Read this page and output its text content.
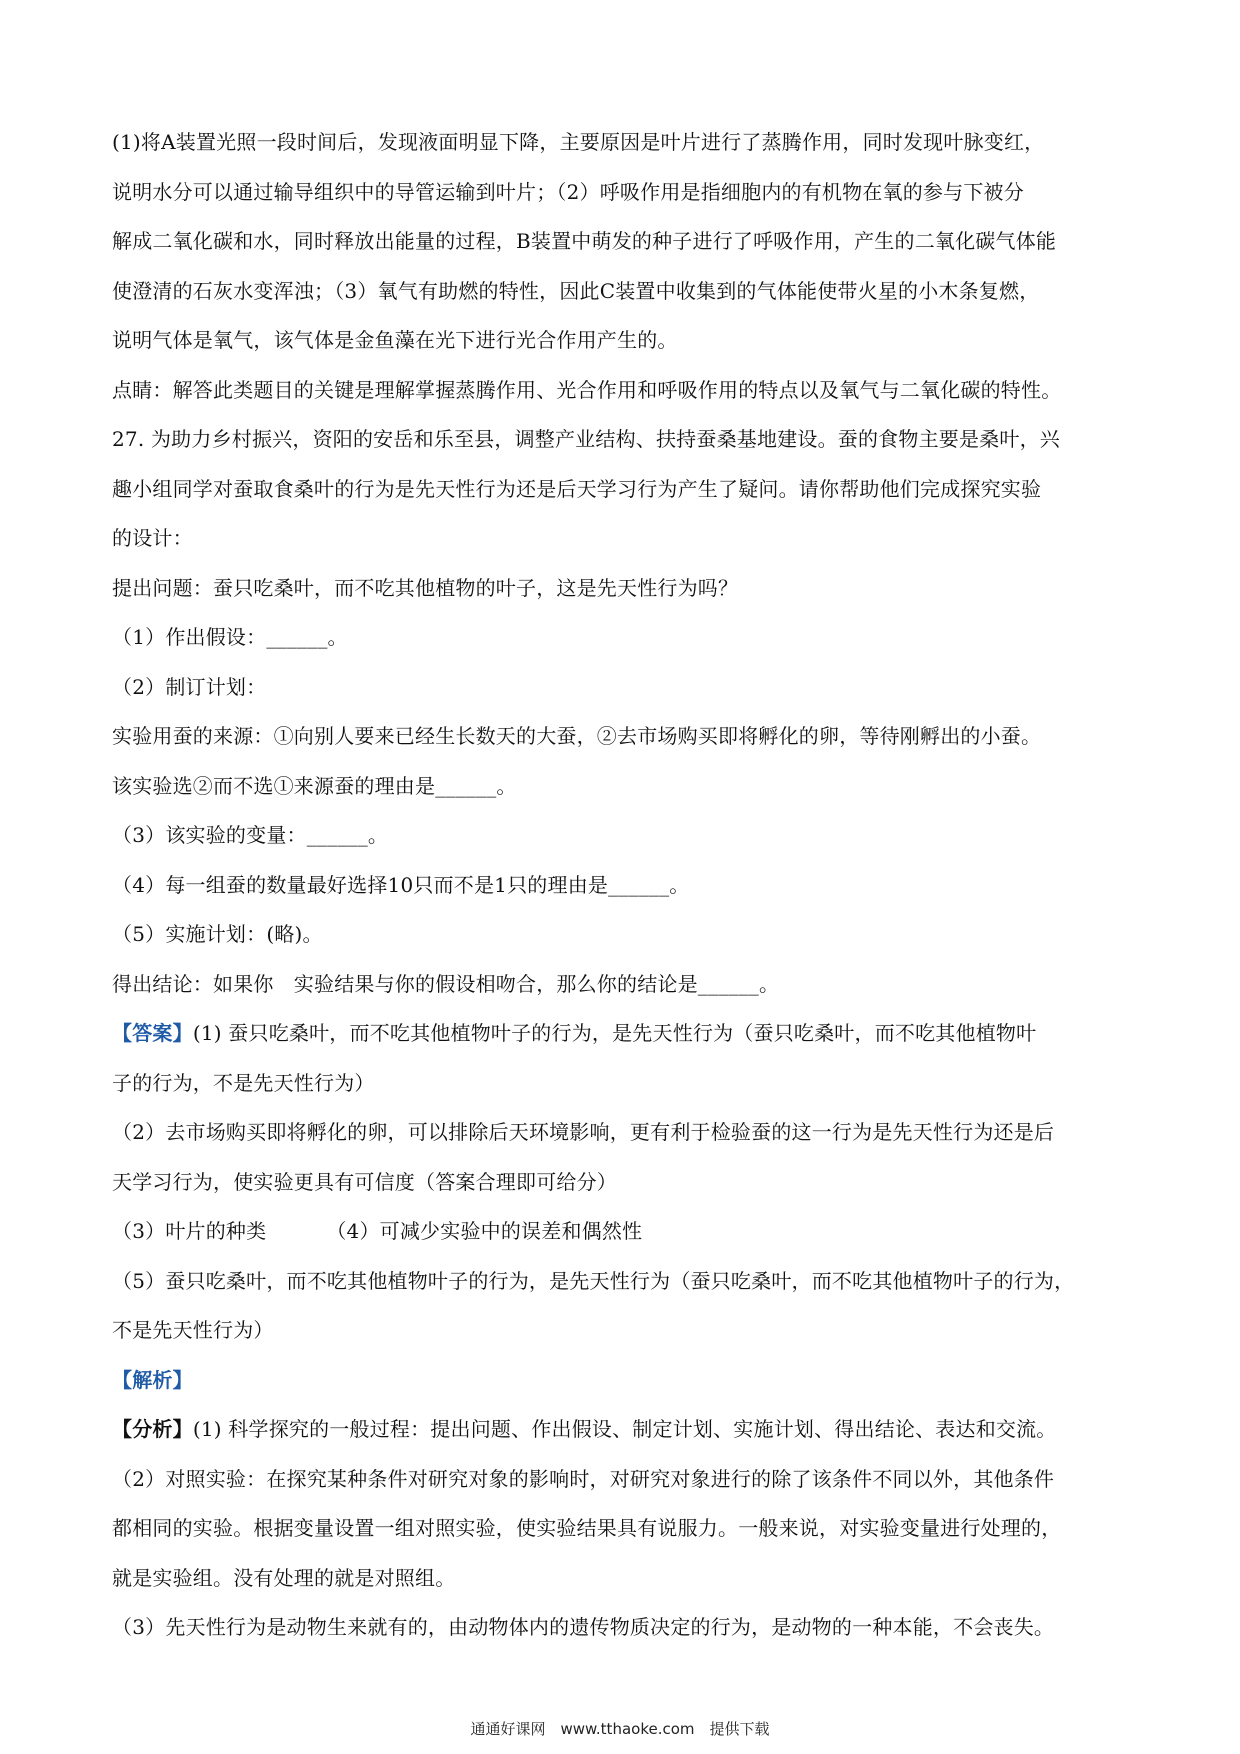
(1)将A装置光照一段时间后，发现液面明显下降，主要原因是叶片进行了蒸腾作用，同时发现叶脉变红，
说明水分可以通过输导组织中的导管运输到叶片；（2）呼吸作用是指细胞内的有机物在氧的参与下被分
解成二氧化碳和水，同时释放出能量的过程，B装置中萌发的种子进行了呼吸作用，产生的二氧化碳气体能
使澄清的石灰水变浑浊；（3）氧气有助燃的特性，因此C装置中收集到的气体能使带火星的小木条复燃，
说明气体是氧气，该气体是金鱼藻在光下进行光合作用产生的。
点睛：解答此类题目的关键是理解掌握蒸腾作用、光合作用和呼吸作用的特点以及氧气与二氧化碳的特性。
27. 为助力乡村振兴，资阳的安岳和乐至县，调整产业结构、扶持蚕桑基地建设。蚕的食物主要是桑叶，兴
趣小组同学对蚕取食桑叶的行为是先天性行为还是后天学习行为产生了疑问。请你帮助他们完成探究实验
的设计：
提出问题：蚕只吃桑叶，而不吃其他植物的叶子，这是先天性行为吗？
（1）作出假设：______。
（2）制订计划：
实验用蚕的来源：①向别人要来已经生长数天的大蚕，②去市场购买即将孵化的卵，等待刚孵出的小蚕。
该实验选②而不选①来源蚕的理由是______。
（3）该实验的变量：______。
（4）每一组蚕的数量最好选择10只而不是1只的理由是______。
（5）实施计划：(略)。
得出结论：如果你　实验结果与你的假设相吻合，那么你的结论是______。
【答案】(1) 蚕只吃桑叶，而不吃其他植物叶子的行为，是先天性行为（蚕只吃桑叶，而不吃其他植物叶
子的行为，不是先天性行为）
（2）去市场购买即将孵化的卵，可以排除后天环境影响，更有利于检验蚕的这一行为是先天性行为还是后
天学习行为，使实验更具有可信度（答案合理即可给分）
（3）叶片的种类	（4）可减少实验中的误差和偶然性
（5）蚕只吃桑叶，而不吃其他植物叶子的行为，是先天性行为（蚕只吃桑叶，而不吃其他植物叶子的行为，
不是先天性行为）
【解析】
【分析】(1) 科学探究的一般过程：提出问题、作出假设、制定计划、实施计划、得出结论、表达和交流。
（2）对照实验：在探究某种条件对研究对象的影响时，对研究对象进行的除了该条件不同以外，其他条件
都相同的实验。根据变量设置一组对照实验，使实验结果具有说服力。一般来说，对实验变量进行处理的，
就是实验组。没有处理的就是对照组。
（3）先天性行为是动物生来就有的，由动物体内的遗传物质决定的行为，是动物的一种本能，不会丧失。
通通好课网　www.tthaoke.com　提供下载
